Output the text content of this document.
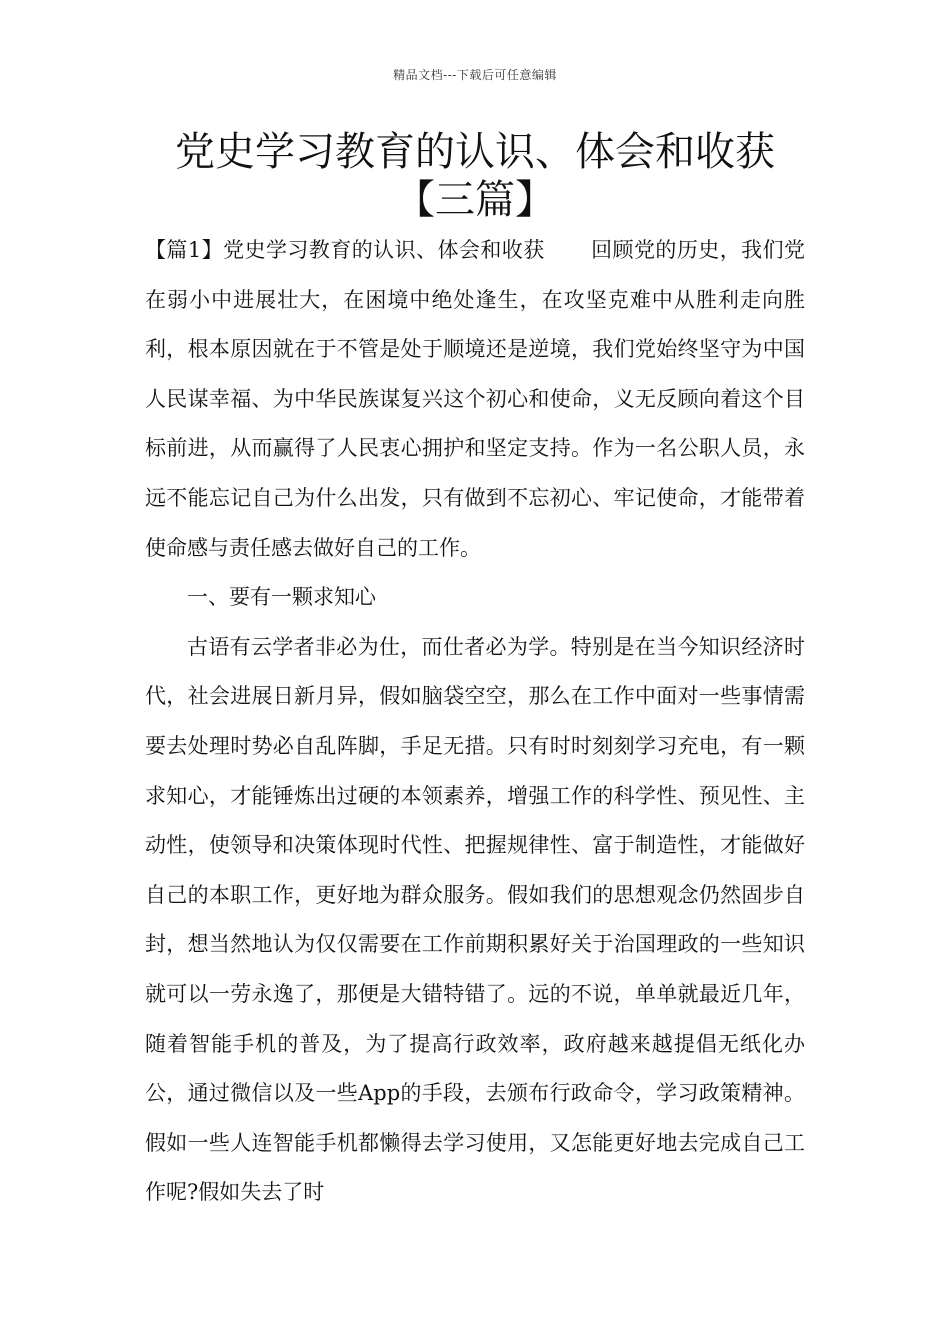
精品文档---下载后可任意编辑
党史学习教育的认识、体会和收获【三篇】

【篇1】党史学习教育的认识、体会和收获 回顾党的历史，我们党在弱小中进展壮大，在困境中绝处逢生，在攻坚克难中从胜利走向胜利，根本原因就在于不管是处于顺境还是逆境，我们党始终坚守为中国人民谋幸福、为中华民族谋复兴这个初心和使命，义无反顾向着这个目标前进，从而赢得了人民衷心拥护和坚定支持。作为一名公职人员，永远不能忘记自己为什么出发，只有做到不忘初心、牢记使命，才能带着使命感与责任感去做好自己的工作。

一、要有一颗求知心

古语有云学者非必为仕，而仕者必为学。特别是在当今知识经济时代，社会进展日新月异，假如脑袋空空，那么在工作中面对一些事情需要去处理时势必自乱阵脚，手足无措。只有时时刻刻学习充电，有一颗求知心，才能锤炼出过硬的本领素养，增强工作的科学性、预见性、主动性，使领导和决策体现时代性、把握规律性、富于制造性，才能做好自己的本职工作，更好地为群众服务。假如我们的思想观念仍然固步自封，想当然地认为仅仅需要在工作前期积累好关于治国理政的一些知识就可以一劳永逸了，那便是大错特错了。远的不说，单单就最近几年，随着智能手机的普及，为了提高行政效率，政府越来越提倡无纸化办公，通过微信以及一些App的手段，去颁布行政命令，学习政策精神。假如一些人连智能手机都懒得去学习使用，又怎能更好地去完成自己工作呢?假如失去了时
